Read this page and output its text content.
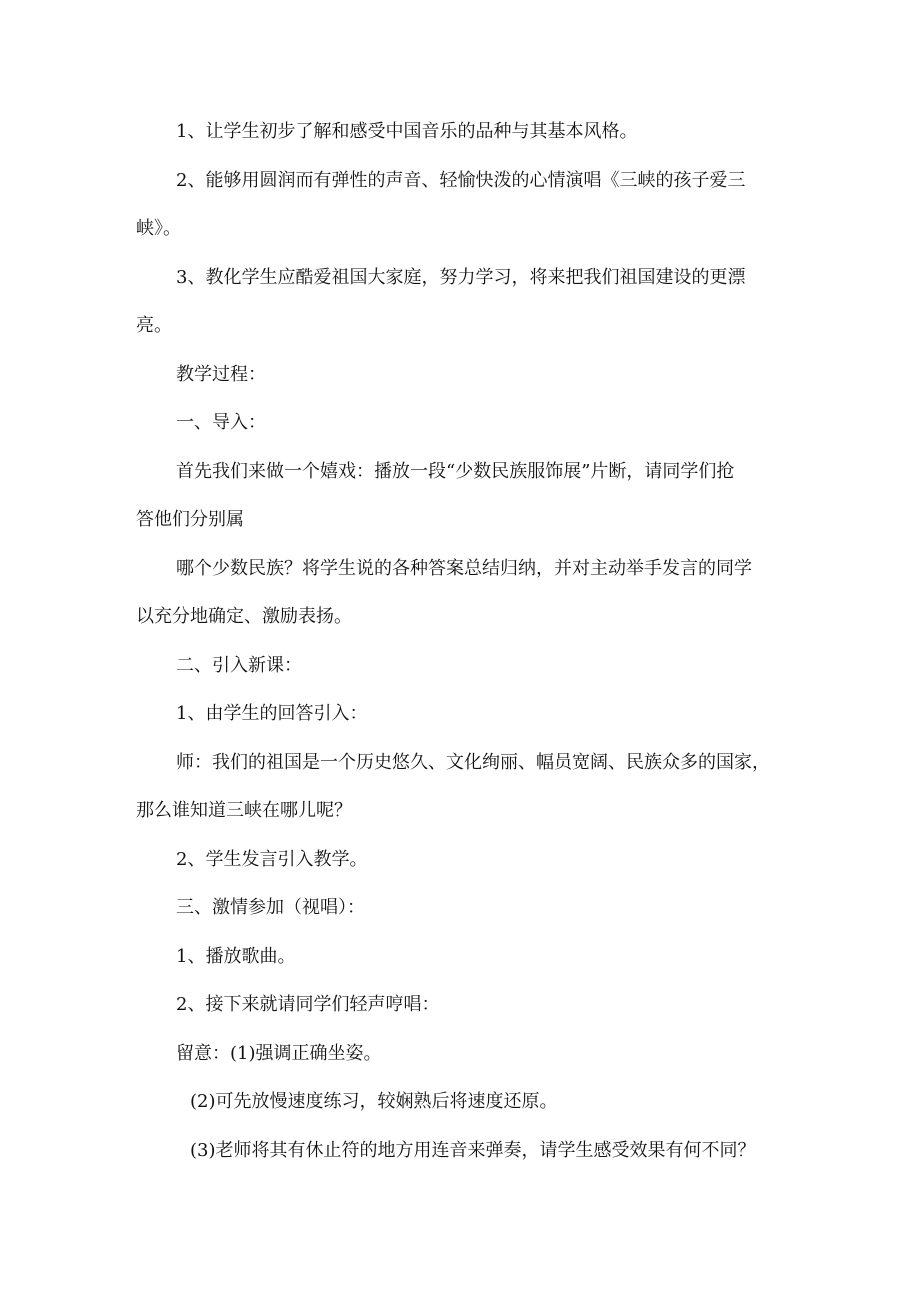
1、让学生初步了解和感受中国音乐的品种与其基本风格。
2、能够用圆润而有弹性的声音、轻愉快泼的心情演唱《三峡的孩子爱三
峡》。
3、教化学生应酷爱祖国大家庭，努力学习，将来把我们祖国建设的更漂
亮。
教学过程：
一、导入：
首先我们来做一个嬉戏：播放一段“少数民族服饰展”片断，请同学们抢
答他们分别属
哪个少数民族？将学生说的各种答案总结归纳，并对主动举手发言的同学
以充分地确定、激励表扬。
二、引入新课：
1、由学生的回答引入：
师：我们的祖国是一个历史悠久、文化绚丽、幅员宽阔、民族众多的国家，
那么谁知道三峡在哪儿呢？
2、学生发言引入教学。
三、激情参加（视唱）：
1、播放歌曲。
2、接下来就请同学们轻声哼唱：
留意：(1)强调正确坐姿。
(2)可先放慢速度练习，较娴熟后将速度还原。
(3)老师将其有休止符的地方用连音来弹奏，请学生感受效果有何不同？
